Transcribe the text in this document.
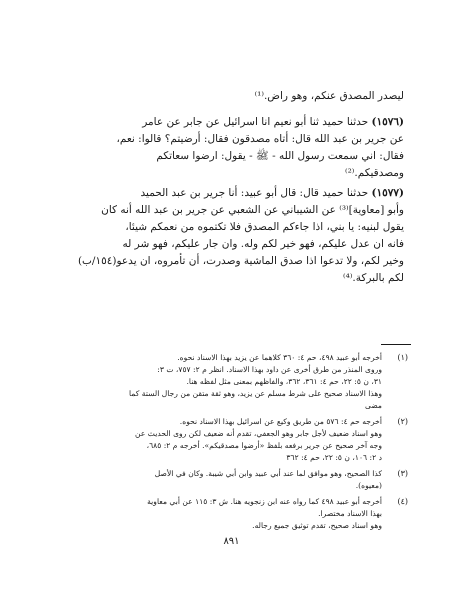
ليصدر المصدق عنكم، وهو راض.⁽¹⁾

(١٥٧٦) حدثنا حميد ثنا أبو نعيم انا اسرائيل عن جابر عن عامر

عن جرير بن عبد الله قال: أتاه مصدقون فقال: أرضيتم؟ قالوا: نعم،

فقال: اني سمعت رسول الله - ﷺ - يقول: ارضوا سعاتكم

ومصدقيكم.⁽²⁾

(١٥٧٧) حدثنا حميد قال: قال أبو عبيد: أنا جرير بن عبد الحميد

وأبو [معاوية]⁽³⁾ عن الشيباني عن الشعبي عن جرير بن عبد الله أنه كان

يقول لبنيه: يا بني، اذا جاءكم المصدق فلا تكتموه من نعمكم شيئا،

فانه ان عدل عليكم، فهو خير لكم وله. وان جار عليكم، فهو شر له

وخير لكم، ولا تدعوا اذا صدق الماشية وصدرت، أن تأمروه، ان يدعو(١٥٤/ب)

لكم بالبركة.⁽⁴⁾

(١)
أخرجه أبو عبيد ٤٩٨، حم ٤: ٣٦٠ كلاهما عن يزيد بهذا الاسناد نحوه.
وروى المنذر من طرق أخرى عن داود بهذا الاسناد. انظر م ٢: ٧٥٧، ت ٣:
٣١، ن ٥: ٢٢، حم ٤: ٣٦١، ٣٦٢، والفاظهم بمعنى مثل لفظه هنا.
وهذا الاسناد صحيح على شرط مسلم عن يزيد، وهو ثقة متقن من رجال الستة كما
مضى
(٢)
أخرجه حم ٤: ٥٧٦ من طريق وكيع عن اسرائيل بهذا الاسناد نحوه.
وهو اسناد ضعيف لأجل جابر وهو الجعفي، تقدم أنه ضعيف لكن روى الحديث عن
وجه آخر صحيح عن جرير برفعه بلفظ «أرضوا مصدقيكم». أخرجه م ٢: ٦٨٥،
د ٢: ١٠٦، ن ٥: ٢٢، حم ٤: ٣٦٢
(٣)
كذا الصحيح، وهو موافق لما عند أبي عبيد وابن أبي شيبة. وكان في الأصل
(معيوه).
(٤)
أخرجه أبو عبيد ٤٩٨ كما رواه عنه ابن زنجويه هنا. ش ٣: ١١٥ عن أبي معاوية
بهذا الاسناد مختصرا.
وهو اسناد صحيح، تقدم توثيق جميع رجاله.
٨٩١
